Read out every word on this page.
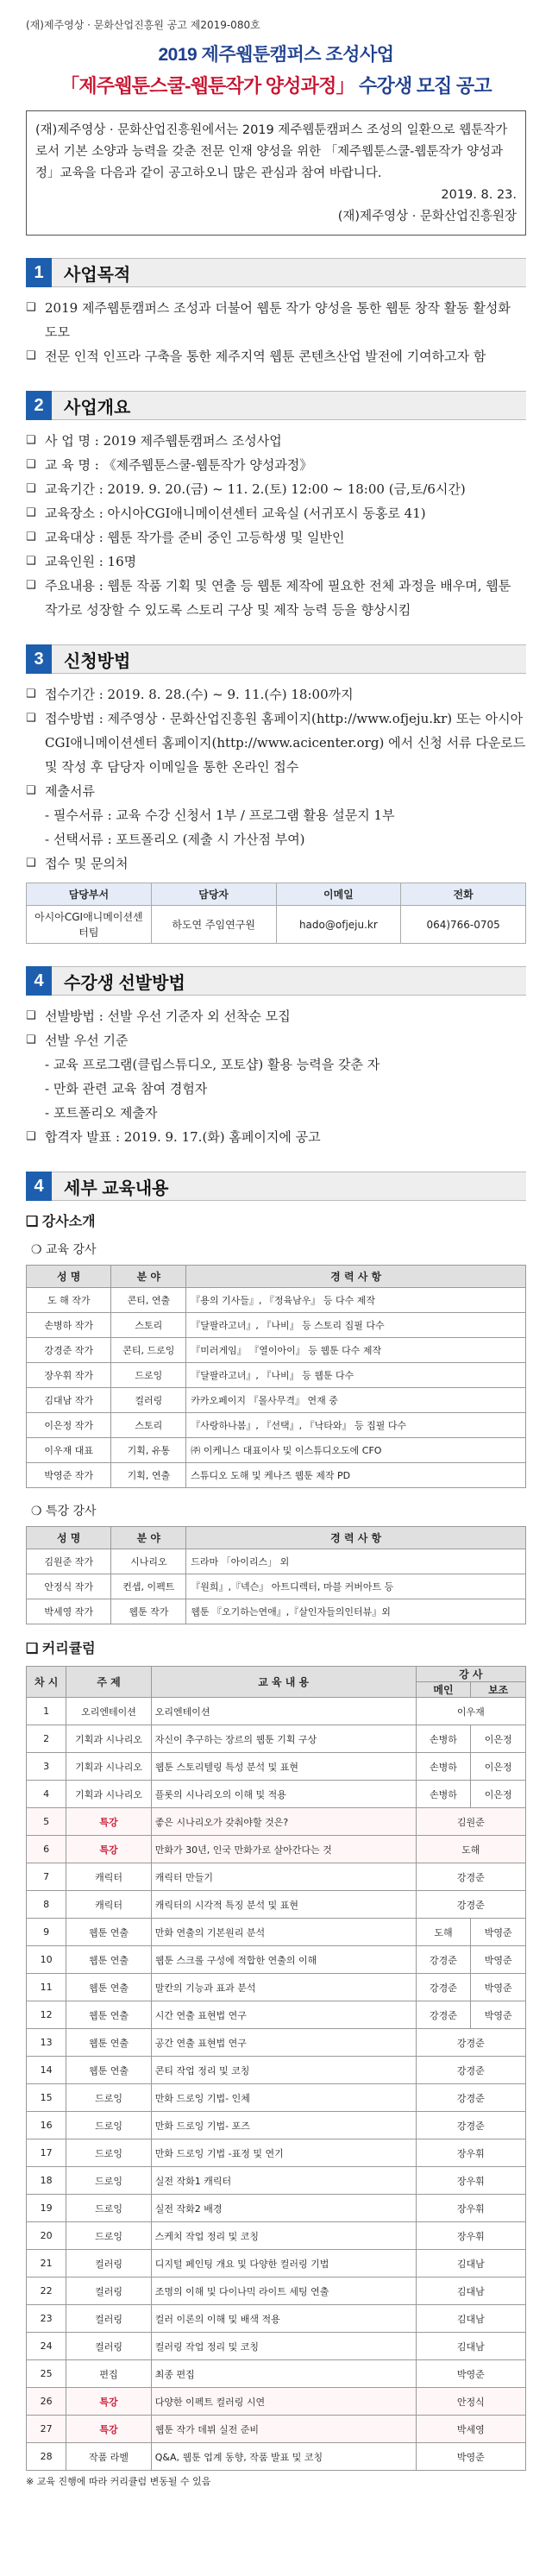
(재)제주영상 · 문화산업진흥원 공고 제2019-080호
2019 제주웹툰캠퍼스 조성사업
「제주웹툰스쿨-웹툰작가 양성과정」 수강생 모집 공고
(재)제주영상 · 문화산업진흥원에서는 2019 제주웹툰캠퍼스 조성의 일환으로 웹툰작가로서 기본 소양과 능력을 갖춘 전문 인재 양성을 위한 「제주웹툰스쿨-웹툰작가 양성과정」교육을 다음과 같이 공고하오니 많은 관심과 참여 바랍니다.
2019. 8. 23.
(재)제주영상 · 문화산업진흥원장
1	사업목적
❑ 2019 제주웹툰캠퍼스 조성과 더불어 웹툰 작가 양성을 통한 웹툰 창작 활동 활성화 도모
❑ 전문 인적 인프라 구축을 통한 제주지역 웹툰 콘텐츠산업 발전에 기여하고자 함
2	사업개요
❑ 사 업 명 : 2019 제주웹툰캠퍼스 조성사업
❑ 교 육 명 : 《제주웹툰스쿨-웹툰작가 양성과정》
❑ 교육기간 : 2019. 9. 20.(금) ~ 11. 2.(토) 12:00 ~ 18:00 (금,토/6시간)
❑ 교육장소 : 아시아CGI애니메이션센터 교육실 (서귀포시 동홍로 41)
❑ 교육대상 : 웹툰 작가를 준비 중인 고등학생 및 일반인
❑ 교육인원 : 16명
❑ 주요내용 : 웹툰 작품 기획 및 연출 등 웹툰 제작에 필요한 전체 과정을 배우며, 웹툰 작가로 성장할 수 있도록 스토리 구상 및 제작 능력 등을 향상시킴
3	신청방법
❑ 접수기간 : 2019. 8. 28.(수) ~ 9. 11.(수) 18:00까지
❑ 접수방법 : 제주영상 · 문화산업진흥원 홈페이지(http://www.ofjeju.kr) 또는 아시아CGI애니메이션센터 홈페이지(http://www.acicenter.org) 에서 신청 서류 다운로드 및 작성 후 담당자 이메일을 통한 온라인 접수
❑ 제출서류
- 필수서류 : 교육 수강 신청서 1부 / 프로그램 활용 설문지 1부
- 선택서류 : 포트폴리오 (제출 시 가산점 부여)
❑ 접수 및 문의처
담당부서	담당자	이메일	전화
아시아CGI애니메이션센터팀	하도연 주임연구원	hado@ofjeju.kr	064)766-0705
4	수강생 선발방법
❑ 선발방법 : 선발 우선 기준자 외 선착순 모집
❑ 선발 우선 기준
- 교육 프로그램(클립스튜디오, 포토샵) 활용 능력을 갖춘 자
- 만화 관련 교육 참여 경험자
- 포트폴리오 제출자
❑ 합격자 발표 : 2019. 9. 17.(화) 홈페이지에 공고
4	세부 교육내용
❑ 강사소개
❍ 교육 강사
성 명	분 야	경 력 사 항
도 해 작가	콘티, 연출	『용의 기사들』, 『정육남우』 등 다수 제작
손병하 작가	스토리	『달팔라고녀』, 『나비』 등 스토리 집필 다수
강경준 작가	콘티, 드로잉	『미러게임』 『열이아이』 등 웹툰 다수 제작
장우휘 작가	드로잉	『달팔라고녀』, 『나비』 등 웹툰 다수
김대남 작가	컬러링	카카오페이지 『몰사무격』 연재 중
이은정 작가	스토리	『사랑하나봄』, 『선택』, 『낙타와』 등 집필 다수
이우재 대표	기획, 유통	㈜ 이케니스 대표이사 및 이스튜디오도에 CFO
박영준 작가	기획, 연출	스튜디오 도해 및 케나즈 웹툰 제작 PD
❍ 특강 강사
성 명	분 야	경 력 사 항
김원준 작가	시나리오	드라마 「아이리스」 외
안정식 작가	컨셉, 이펙트	『원희』,『넥슨』 아트디렉터, 마블 커버아트 등
박세영 작가	웹툰 작가	웹툰 『오기하는연애』,『살인자들의인터뷰』외
❑ 커리큘럼
차 시	주 제	교 육 내 용	강 사	
			메인	보조
1	오리엔테이션	오리엔테이션	이우재	
2	기획과 시나리오	자신이 추구하는 장르의 웹툰 기획 구상	손병하	이은정
3	기획과 시나리오	웹툰 스토리텔링 특성 분석 및 표현	손병하	이은정
4	기획과 시나리오	플롯의 시나리오의 이해 및 적용	손병하	이은정
5	특강	좋은 시나리오가 갖춰야할 것은?	김원준	
6	특강	만화가 30년, 인국 만화가로 살아간다는 것	도해	
7	캐릭터	캐릭터 만들기	강경준	
8	캐릭터	캐릭터의 시각적 특징 분석 및 표현	강경준	
9	웹툰 연출	만화 연출의 기본원리 분석	도해	박영준
10	웹툰 연출	웹툰 스크롤 구성에 적합한 연출의 이해	강경준	박영준
11	웹툰 연출	말칸의 기능과 표과 분석	강경준	박영준
12	웹툰 연출	시간 연출 표현법 연구	강경준	박영준
13	웹툰 연출	공간 연출 표현법 연구	강경준	
14	웹툰 연출	콘티 작업 정리 및 코칭	강경준	
15	드로잉	만화 드로잉 기법- 인체	강경준	
16	드로잉	만화 드로잉 기법- 포즈	강경준	
17	드로잉	만화 드로잉 기법 -표정 및 연기	장우휘	
18	드로잉	실전 작화1 캐릭터	장우휘	
19	드로잉	실전 작화2 배경	장우휘	
20	드로잉	스케치 작업 정리 및 코칭	장우휘	
21	컬러링	디지털 페인팅 개요 및 다양한 컬러링 기법	김대남	
22	컬러링	조명의 이해 및 다이나믹 라이트 세팅 연출	김대남	
23	컬러링	컬러 이론의 이해 및 배색 적용	김대남	
24	컬러링	컬러링 작업 정리 및 코칭	김대남	
25	편집	최종 편집	박영준	
26	특강	다양한 이펙트 컬러링 시연	안정식	
27	특강	웹툰 작가 데뷔 실전 준비	박세영	
28	작품 라벨	Q&A, 웹툰 업계 동향, 작품 발표 및 코칭	박영준	
※ 교육 진행에 따라 커리큘럼 변동될 수 있음
